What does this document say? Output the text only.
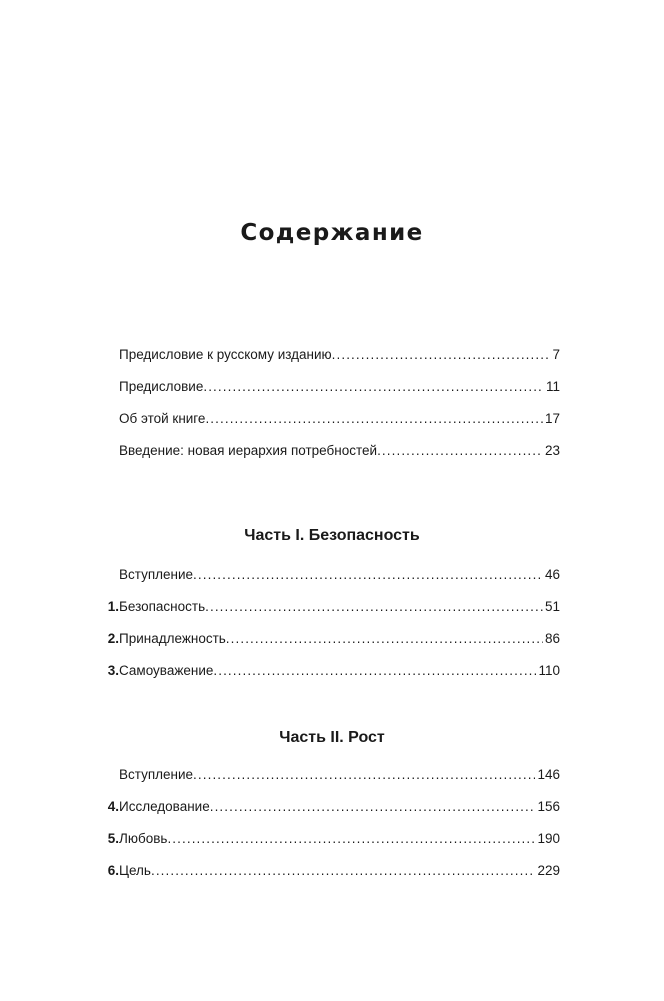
Содержание
Предисловие к русскому изданию .....	7
Предисловие .....	11
Об этой книге .....	17
Введение: новая иерархия потребностей .....	23
Часть I. Безопасность
Вступление .....	46
1. Безопасность .....	51
2. Принадлежность .....	86
3. Самоуважение .....	110
Часть II. Рост
Вступление .....	146
4. Исследование .....	156
5. Любовь .....	190
6. Цель .....	229
